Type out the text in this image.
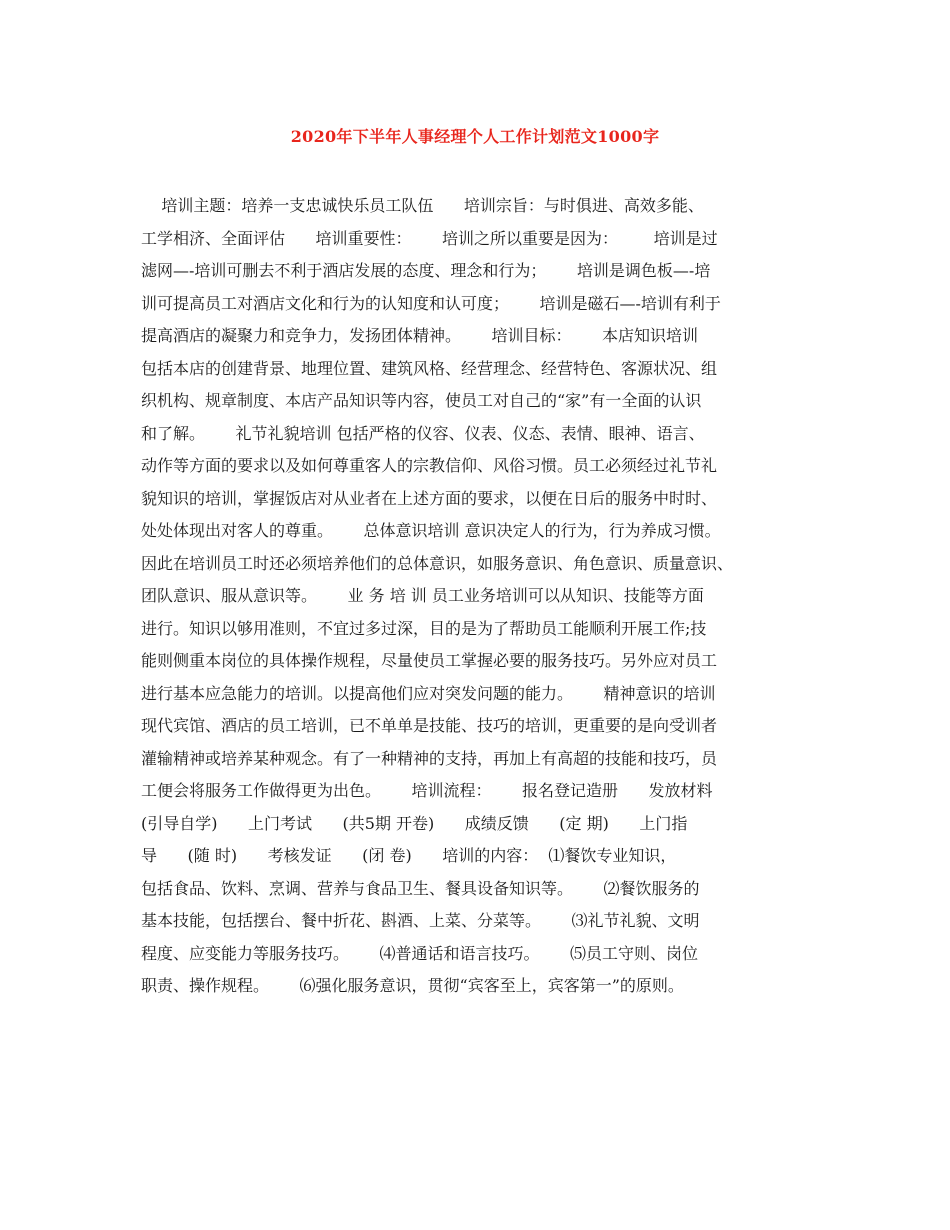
2020年下半年人事经理个人工作计划范文1000字
培训主题：培养一支忠诚快乐员工队伍      培训宗旨：与时俱进、高效多能、
工学相济、全面评估      培训重要性：      培训之所以重要是因为：       培训是过
滤网—-培训可删去不利于酒店发展的态度、理念和行为；      培训是调色板—-培
训可提高员工对酒店文化和行为的认知度和认可度；      培训是磁石—-培训有利于
提高酒店的凝聚力和竞争力，发扬团体精神。      培训目标：      本店知识培训
包括本店的创建背景、地理位置、建筑风格、经营理念、经营特色、客源状况、组
织机构、规章制度、本店产品知识等内容，使员工对自己的“家”有一全面的认识
和了解。      礼节礼貌培训 包括严格的仪容、仪表、仪态、表情、眼神、语言、
动作等方面的要求以及如何尊重客人的宗教信仰、风俗习惯。员工必须经过礼节礼
貌知识的培训，掌握饭店对从业者在上述方面的要求，以便在日后的服务中时时、
处处体现出对客人的尊重。      总体意识培训 意识决定人的行为，行为养成习惯。
因此在培训员工时还必须培养他们的总体意识，如服务意识、角色意识、质量意识、
团队意识、服从意识等。      业 务 培 训 员工业务培训可以从知识、技能等方面
进行。知识以够用准则，不宜过多过深，目的是为了帮助员工能顺利开展工作;技
能则侧重本岗位的具体操作规程，尽量使员工掌握必要的服务技巧。另外应对员工
进行基本应急能力的培训。以提高他们应对突发问题的能力。      精神意识的培训
现代宾馆、酒店的员工培训，已不单单是技能、技巧的培训，更重要的是向受训者
灌输精神或培养某种观念。有了一种精神的支持，再加上有高超的技能和技巧，员
工便会将服务工作做得更为出色。      培训流程：      报名登记造册      发放材料
(引导自学)      上门考试      (共5期 开卷)      成绩反馈      (定 期)      上门指
导      (随 时)      考核发证      (闭 卷)      培训的内容：  ⑴餐饮专业知识，
包括食品、饮料、烹调、营养与食品卫生、餐具设备知识等。      ⑵餐饮服务的
基本技能，包括摆台、餐中折花、斟酒、上菜、分菜等。      ⑶礼节礼貌、文明
程度、应变能力等服务技巧。      ⑷普通话和语言技巧。      ⑸员工守则、岗位
职责、操作规程。      ⑹强化服务意识，贯彻“宾客至上，宾客第一”的原则。
